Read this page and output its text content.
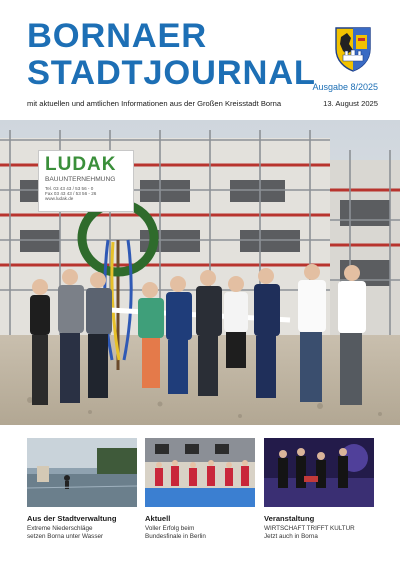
BORNAER
STADTJOURNAL
Ausgabe 8/2025
mit aktuellen und amtlichen Informationen aus der Großen Kreisstadt Borna	13. August 2025
LUDAK
BAUUNTERNEHMUNG
Tel. 03 43 43 / 53 56 - 0
Fax 03 43 43 / 53 56 - 26
www.ludak.de
Aus der Stadtverwaltung
Extreme Niederschläge
setzen Borna unter Wasser
Aktuell
Voller Erfolg beim
Bundesfinale in Berlin
Veranstaltung
WIRTSCHAFT TRIFFT KULTUR
Jetzt auch in Borna
